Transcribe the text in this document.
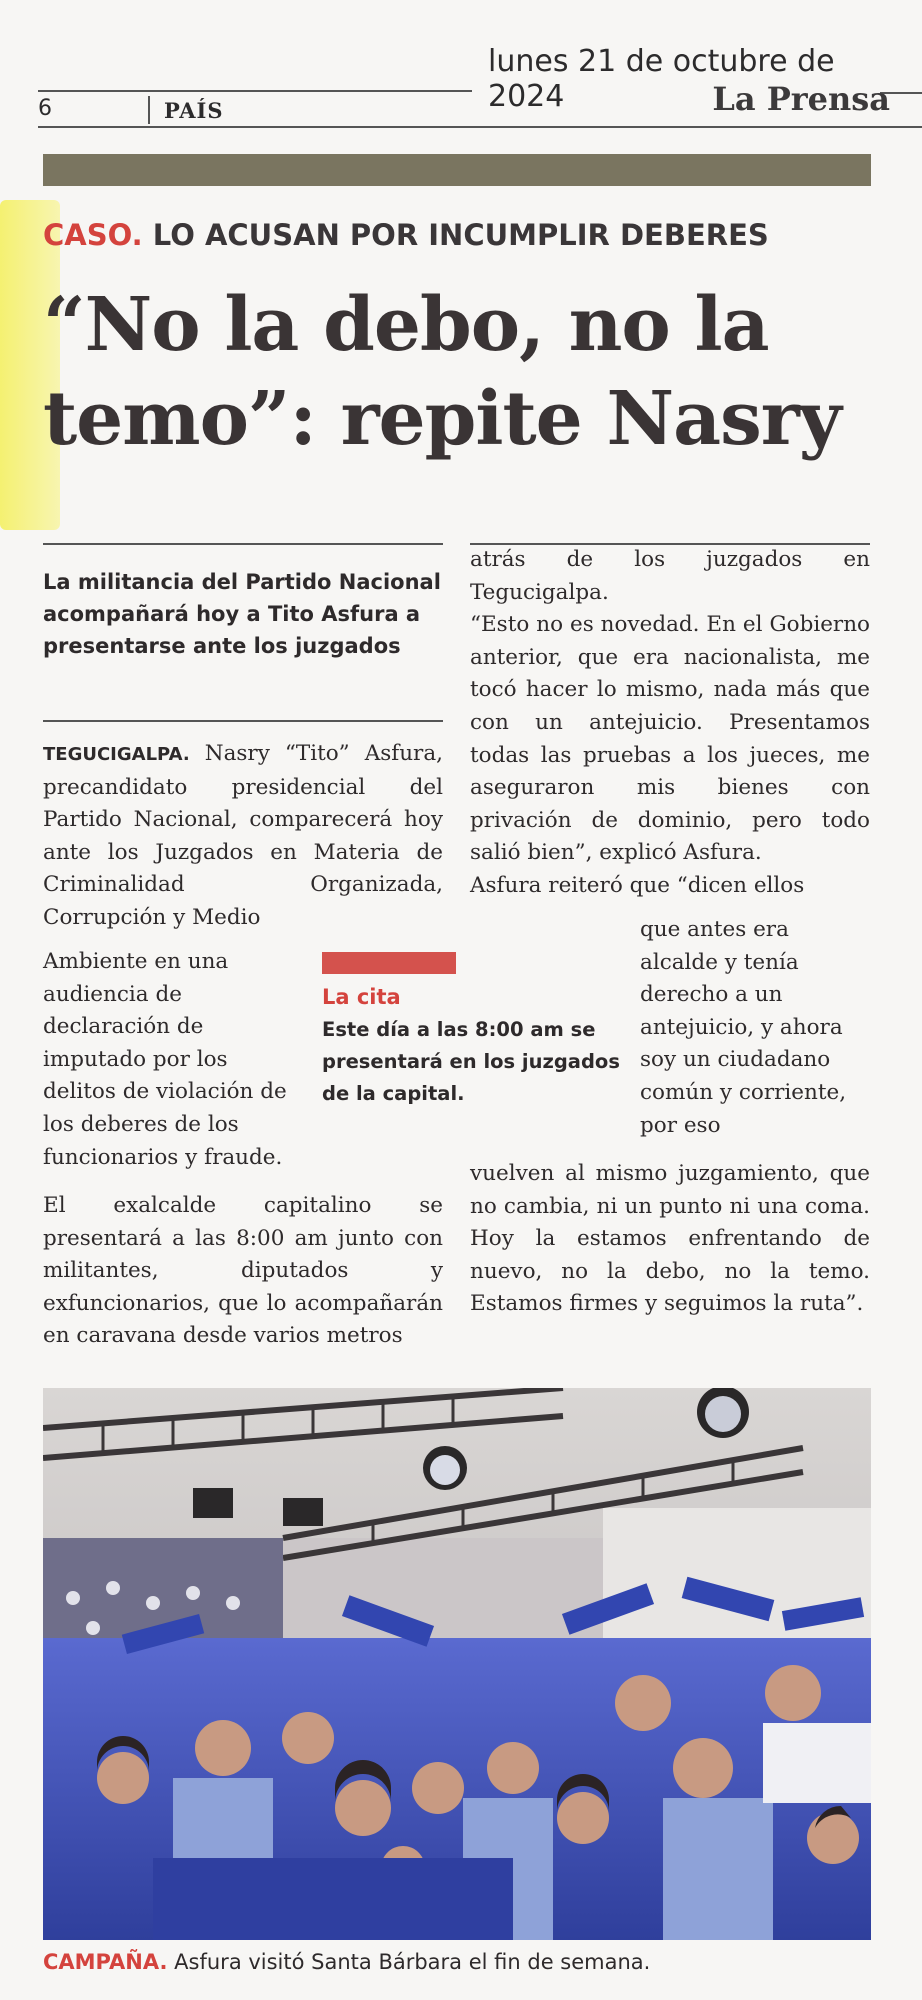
lunes 21 de octubre de 2024	La Prensa
6	PAÍS
CASO. LO ACUSAN POR INCUMPLIR DEBERES
“No la debo, no la
temo”: repite Nasry
La militancia del Partido Nacional acompañará hoy a Tito Asfura a presentarse ante los juzgados

TEGUCIGALPA. Nasry “Tito” Asfura, precandidato presidencial del Partido Nacional, comparecerá hoy ante los Juzgados en Materia de Criminalidad Organizada, Corrupción y Medio

Ambiente en una audiencia de declaración de imputado por los delitos de violación de los deberes de los funcionarios y fraude.

El exalcalde capitalino se presentará a las 8:00 am junto con militantes, diputados y exfuncionarios, que lo acompañarán en caravana desde varios metros

atrás de los juzgados en Tegucigalpa.

“Esto no es novedad. En el Gobierno anterior, que era nacionalista, me tocó hacer lo mismo, nada más que con un antejuicio. Presentamos todas las pruebas a los jueces, me aseguraron mis bienes con privación de dominio, pero todo salió bien”, explicó Asfura.

Asfura reiteró que “dicen ellos

que antes era alcalde y tenía derecho a un antejuicio, y ahora soy un ciudadano común y corriente, por eso

vuelven al mismo juzgamiento, que no cambia, ni un punto ni una coma. Hoy la estamos enfrentando de nuevo, no la debo, no la temo. Estamos firmes y seguimos la ruta”.

La cita
Este día a las 8:00 am se presentará en los juzgados de la capital.
CAMPAÑA. Asfura visitó Santa Bárbara el fin de semana.
